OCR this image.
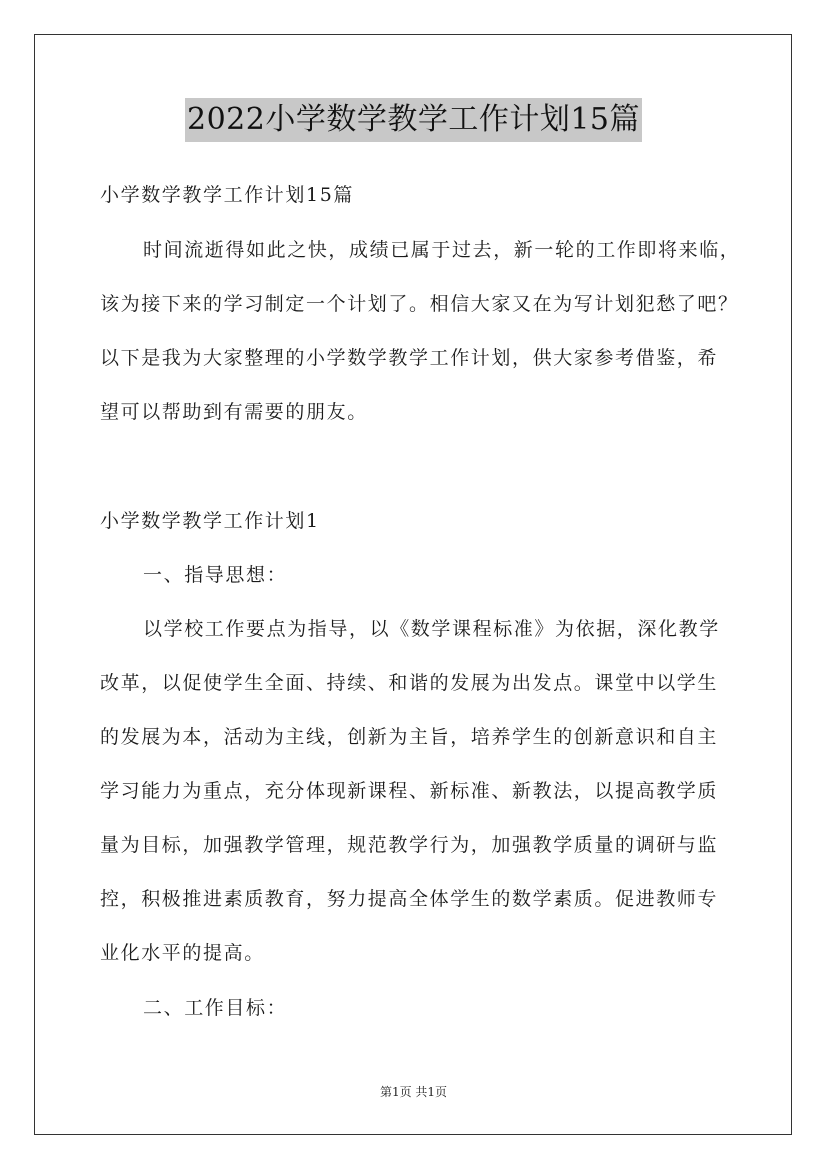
2022小学数学教学工作计划15篇
小学数学教学工作计划15篇
时间流逝得如此之快，成绩已属于过去，新一轮的工作即将来临，
该为接下来的学习制定一个计划了。相信大家又在为写计划犯愁了吧？
以下是我为大家整理的小学数学教学工作计划，供大家参考借鉴，希
望可以帮助到有需要的朋友。
小学数学教学工作计划1
一、指导思想：
以学校工作要点为指导，以《数学课程标准》为依据，深化教学
改革，以促使学生全面、持续、和谐的发展为出发点。课堂中以学生
的发展为本，活动为主线，创新为主旨，培养学生的创新意识和自主
学习能力为重点，充分体现新课程、新标准、新教法，以提高教学质
量为目标，加强教学管理，规范教学行为，加强教学质量的调研与监
控，积极推进素质教育，努力提高全体学生的数学素质。促进教师专
业化水平的提高。
二、工作目标：
第1页 共1页
